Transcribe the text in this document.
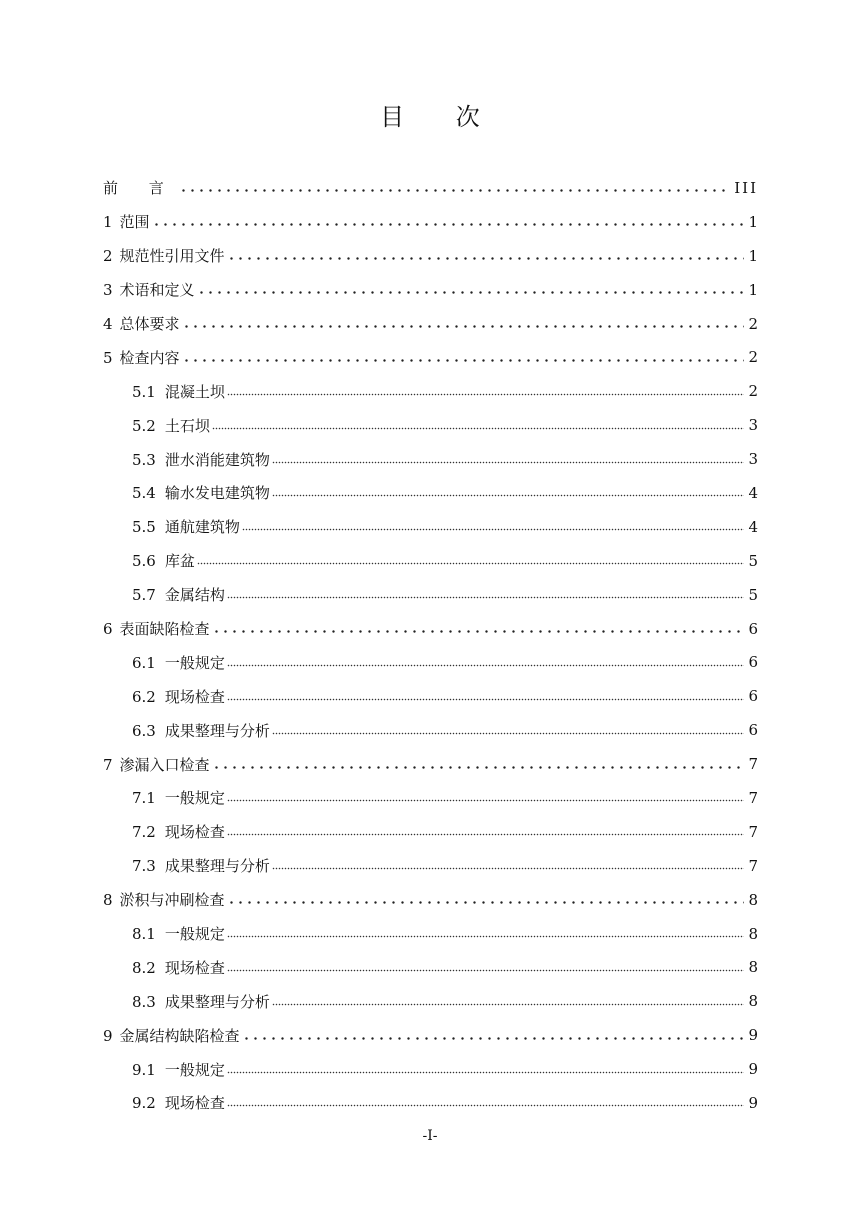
目 次
前 言	III
1 范围	1
2 规范性引用文件	1
3 术语和定义	1
4 总体要求	2
5 检查内容	2
5.1 混凝土坝	2
5.2 土石坝	3
5.3 泄水消能建筑物	3
5.4 输水发电建筑物	4
5.5 通航建筑物	4
5.6 库盆	5
5.7 金属结构	5
6 表面缺陷检查	6
6.1 一般规定	6
6.2 现场检查	6
6.3 成果整理与分析	6
7 渗漏入口检查	7
7.1 一般规定	7
7.2 现场检查	7
7.3 成果整理与分析	7
8 淤积与冲刷检查	8
8.1 一般规定	8
8.2 现场检查	8
8.3 成果整理与分析	8
9 金属结构缺陷检查	9
9.1 一般规定	9
9.2 现场检查	9
-I-
